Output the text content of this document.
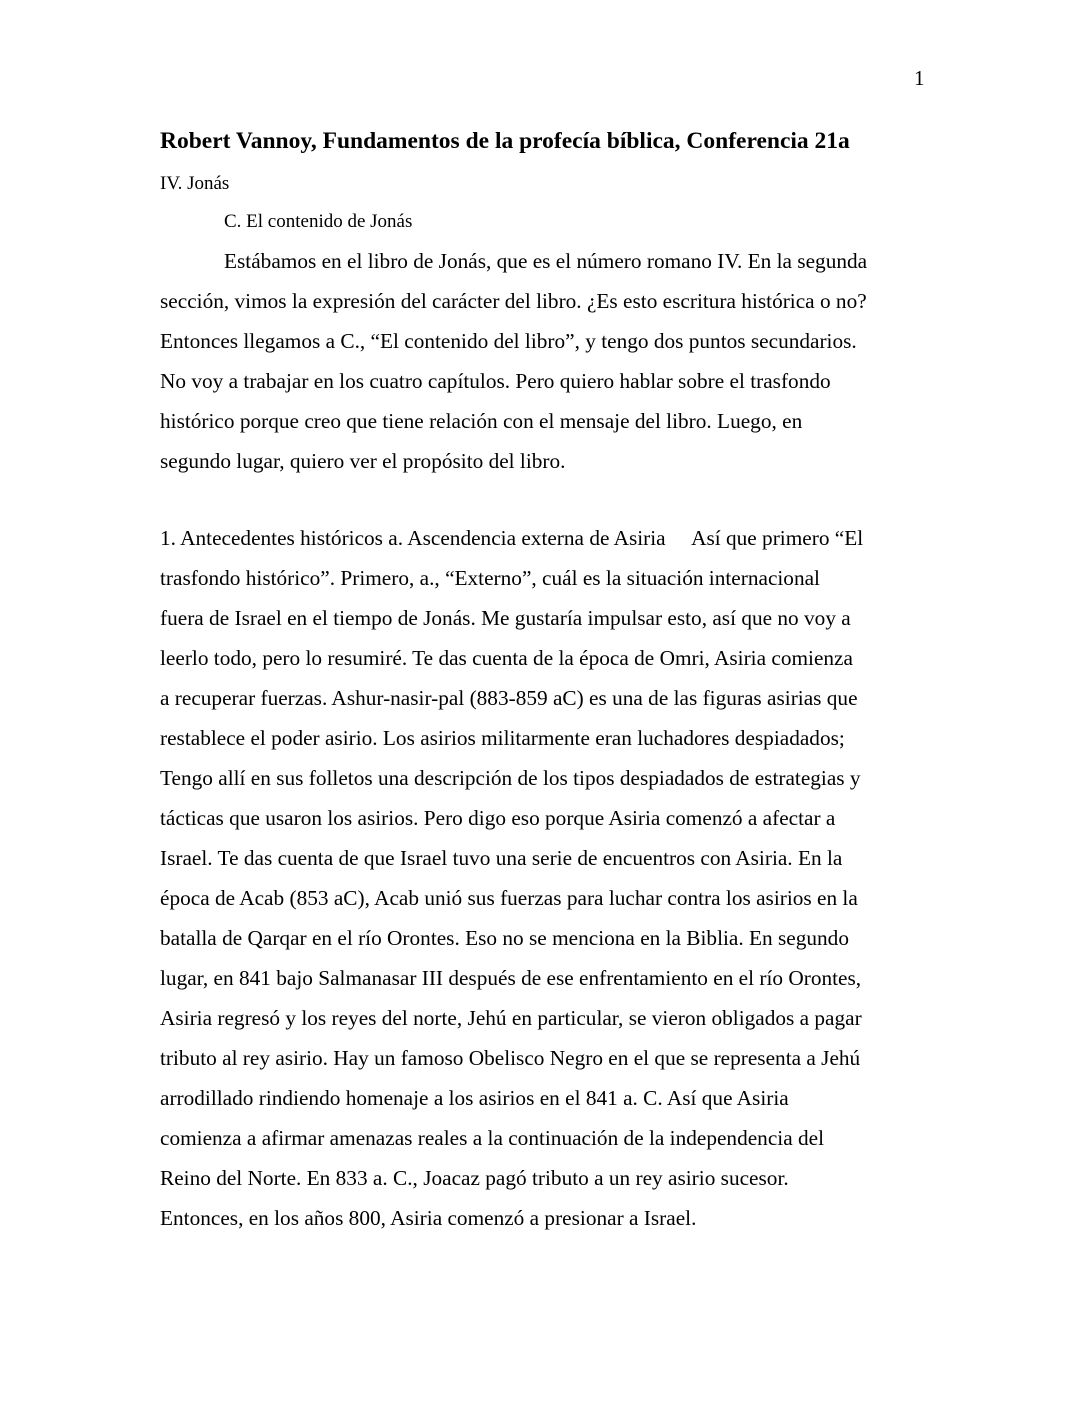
1
Robert Vannoy, Fundamentos de la profecía bíblica, Conferencia 21a
IV. Jonás
C. El contenido de Jonás
Estábamos en el libro de Jonás, que es el número romano IV. En la segunda
sección, vimos la expresión del carácter del libro. ¿Es esto escritura histórica o no?
Entonces llegamos a C., “El contenido del libro”, y tengo dos puntos secundarios.
No voy a trabajar en los cuatro capítulos. Pero quiero hablar sobre el trasfondo
histórico porque creo que tiene relación con el mensaje del libro. Luego, en
segundo lugar, quiero ver el propósito del libro.
1. Antecedentes históricos a. Ascendencia externa de Asiria     Así que primero “El
trasfondo histórico”. Primero, a., “Externo”, cuál es la situación internacional
fuera de Israel en el tiempo de Jonás. Me gustaría impulsar esto, así que no voy a
leerlo todo, pero lo resumiré. Te das cuenta de la época de Omri, Asiria comienza
a recuperar fuerzas. Ashur-nasir-pal (883-859 aC) es una de las figuras asirias que
restablece el poder asirio. Los asirios militarmente eran luchadores despiadados;
Tengo allí en sus folletos una descripción de los tipos despiadados de estrategias y
tácticas que usaron los asirios. Pero digo eso porque Asiria comenzó a afectar a
Israel. Te das cuenta de que Israel tuvo una serie de encuentros con Asiria. En la
época de Acab (853 aC), Acab unió sus fuerzas para luchar contra los asirios en la
batalla de Qarqar en el río Orontes. Eso no se menciona en la Biblia. En segundo
lugar, en 841 bajo Salmanasar III después de ese enfrentamiento en el río Orontes,
Asiria regresó y los reyes del norte, Jehú en particular, se vieron obligados a pagar
tributo al rey asirio. Hay un famoso Obelisco Negro en el que se representa a Jehú
arrodillado rindiendo homenaje a los asirios en el 841 a. C. Así que Asiria
comienza a afirmar amenazas reales a la continuación de la independencia del
Reino del Norte. En 833 a. C., Joacaz pagó tributo a un rey asirio sucesor.
Entonces, en los años 800, Asiria comenzó a presionar a Israel.
